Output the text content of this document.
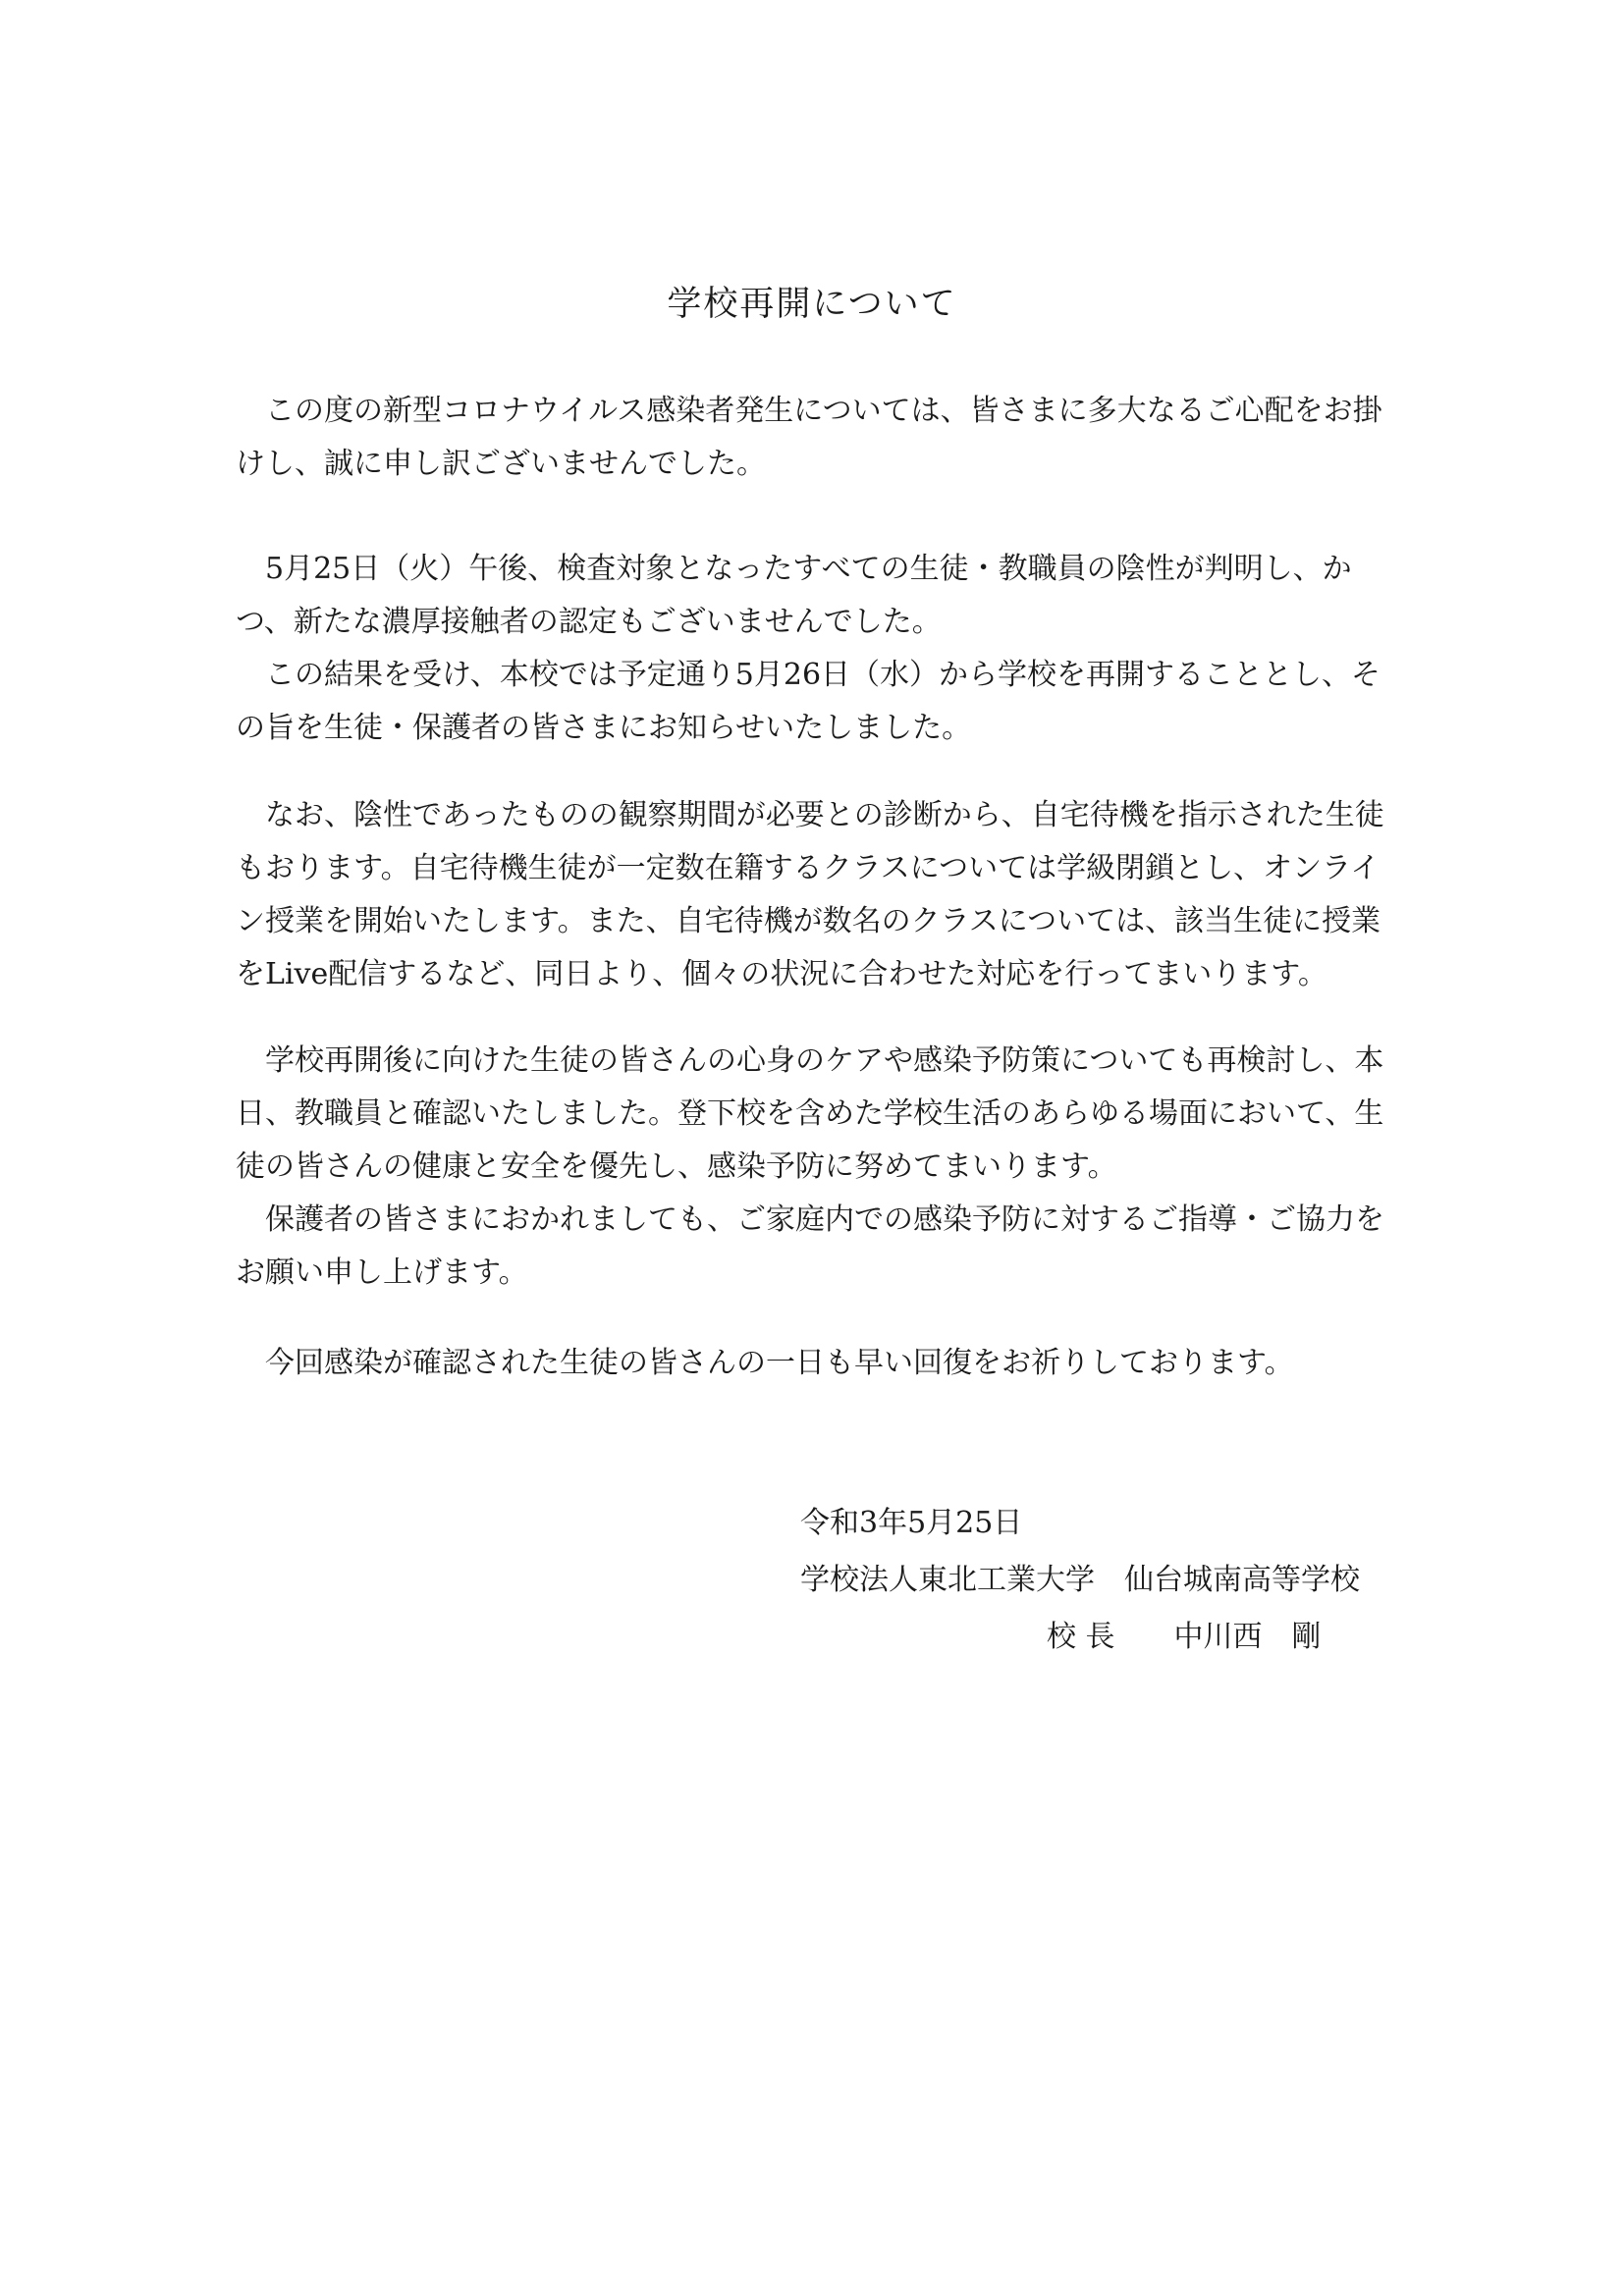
学校再開について

この度の新型コロナウイルス感染者発生については、皆さまに多大なるご心配をお掛けし、誠に申し訳ございませんでした。

5月25日（火）午後、検査対象となったすべての生徒・教職員の陰性が判明し、かつ、新たな濃厚接触者の認定もございませんでした。

この結果を受け、本校では予定通り5月26日（水）から学校を再開することとし、その旨を生徒・保護者の皆さまにお知らせいたしました。

なお、陰性であったものの観察期間が必要との診断から、自宅待機を指示された生徒もおります。自宅待機生徒が一定数在籍するクラスについては学級閉鎖とし、オンライン授業を開始いたします。また、自宅待機が数名のクラスについては、該当生徒に授業をLive配信するなど、同日より、個々の状況に合わせた対応を行ってまいります。

学校再開後に向けた生徒の皆さんの心身のケアや感染予防策についても再検討し、本日、教職員と確認いたしました。登下校を含めた学校生活のあらゆる場面において、生徒の皆さんの健康と安全を優先し、感染予防に努めてまいります。

保護者の皆さまにおかれましても、ご家庭内での感染予防に対するご指導・ご協力をお願い申し上げます。

今回感染が確認された生徒の皆さんの一日も早い回復をお祈りしております。

令和3年5月25日
学校法人東北工業大学　仙台城南高等学校
校 長　　中川西　剛
